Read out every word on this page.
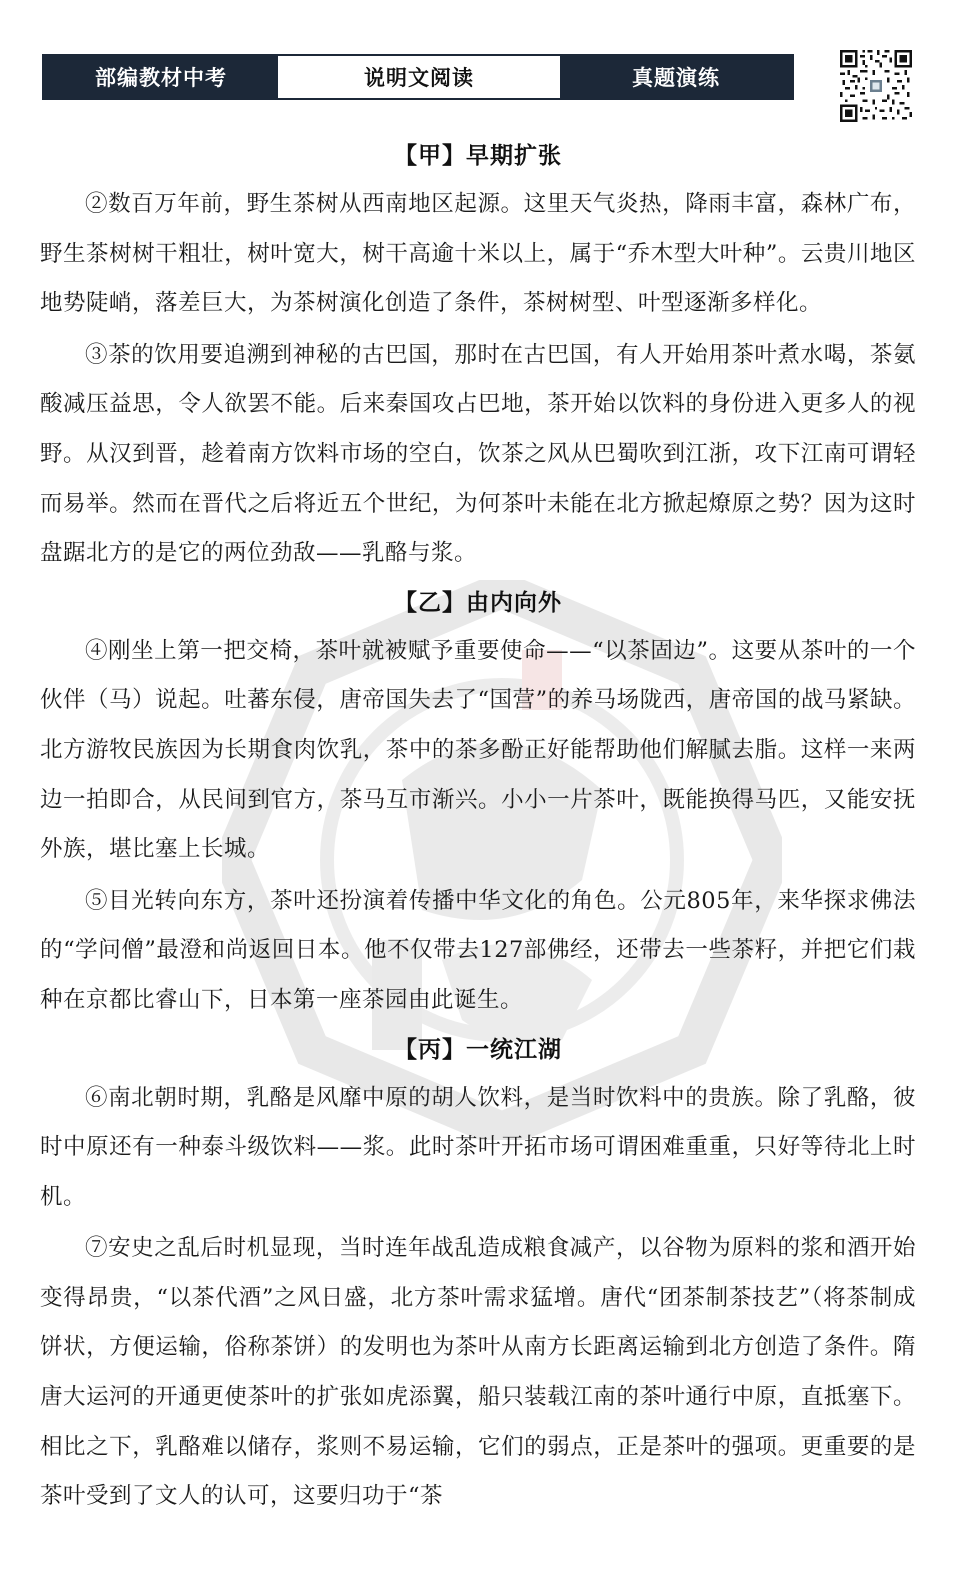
部编教材中考	说明文阅读	真题演练
【甲】早期扩张

②数百万年前，野生茶树从西南地区起源。这里天气炎热，降雨丰富，森林广布，野生茶树树干粗壮，树叶宽大，树干高逾十米以上，属于“乔木型大叶种”。云贵川地区地势陡峭，落差巨大，为茶树演化创造了条件，茶树树型、叶型逐渐多样化。

③茶的饮用要追溯到神秘的古巴国，那时在古巴国，有人开始用茶叶煮水喝，茶氨酸减压益思，令人欲罢不能。后来秦国攻占巴地，茶开始以饮料的身份进入更多人的视野。从汉到晋，趁着南方饮料市场的空白，饮茶之风从巴蜀吹到江浙，攻下江南可谓轻而易举。然而在晋代之后将近五个世纪，为何茶叶未能在北方掀起燎原之势？因为这时盘踞北方的是它的两位劲敌——乳酪与浆。

【乙】由内向外

④刚坐上第一把交椅，茶叶就被赋予重要使命——“以茶固边”。这要从茶叶的一个伙伴（马）说起。吐蕃东侵，唐帝国失去了“国营”的养马场陇西，唐帝国的战马紧缺。北方游牧民族因为长期食肉饮乳，茶中的茶多酚正好能帮助他们解腻去脂。这样一来两边一拍即合，从民间到官方，茶马互市渐兴。小小一片茶叶，既能换得马匹，又能安抚外族，堪比塞上长城。

⑤目光转向东方，茶叶还扮演着传播中华文化的角色。公元805年，来华探求佛法的“学问僧”最澄和尚返回日本。他不仅带去127部佛经，还带去一些茶籽，并把它们栽种在京都比睿山下，日本第一座茶园由此诞生。

【丙】一统江湖

⑥南北朝时期，乳酪是风靡中原的胡人饮料，是当时饮料中的贵族。除了乳酪，彼时中原还有一种泰斗级饮料——浆。此时茶叶开拓市场可谓困难重重，只好等待北上时机。

⑦安史之乱后时机显现，当时连年战乱造成粮食减产，以谷物为原料的浆和酒开始变得昂贵，“以茶代酒”之风日盛，北方茶叶需求猛增。唐代“团茶制茶技艺”（将茶制成饼状，方便运输，俗称茶饼）的发明也为茶叶从南方长距离运输到北方创造了条件。隋唐大运河的开通更使茶叶的扩张如虎添翼，船只装载江南的茶叶通行中原，直抵塞下。相比之下，乳酪难以储存，浆则不易运输，它们的弱点，正是茶叶的强项。更重要的是茶叶受到了文人的认可，这要归功于“茶
